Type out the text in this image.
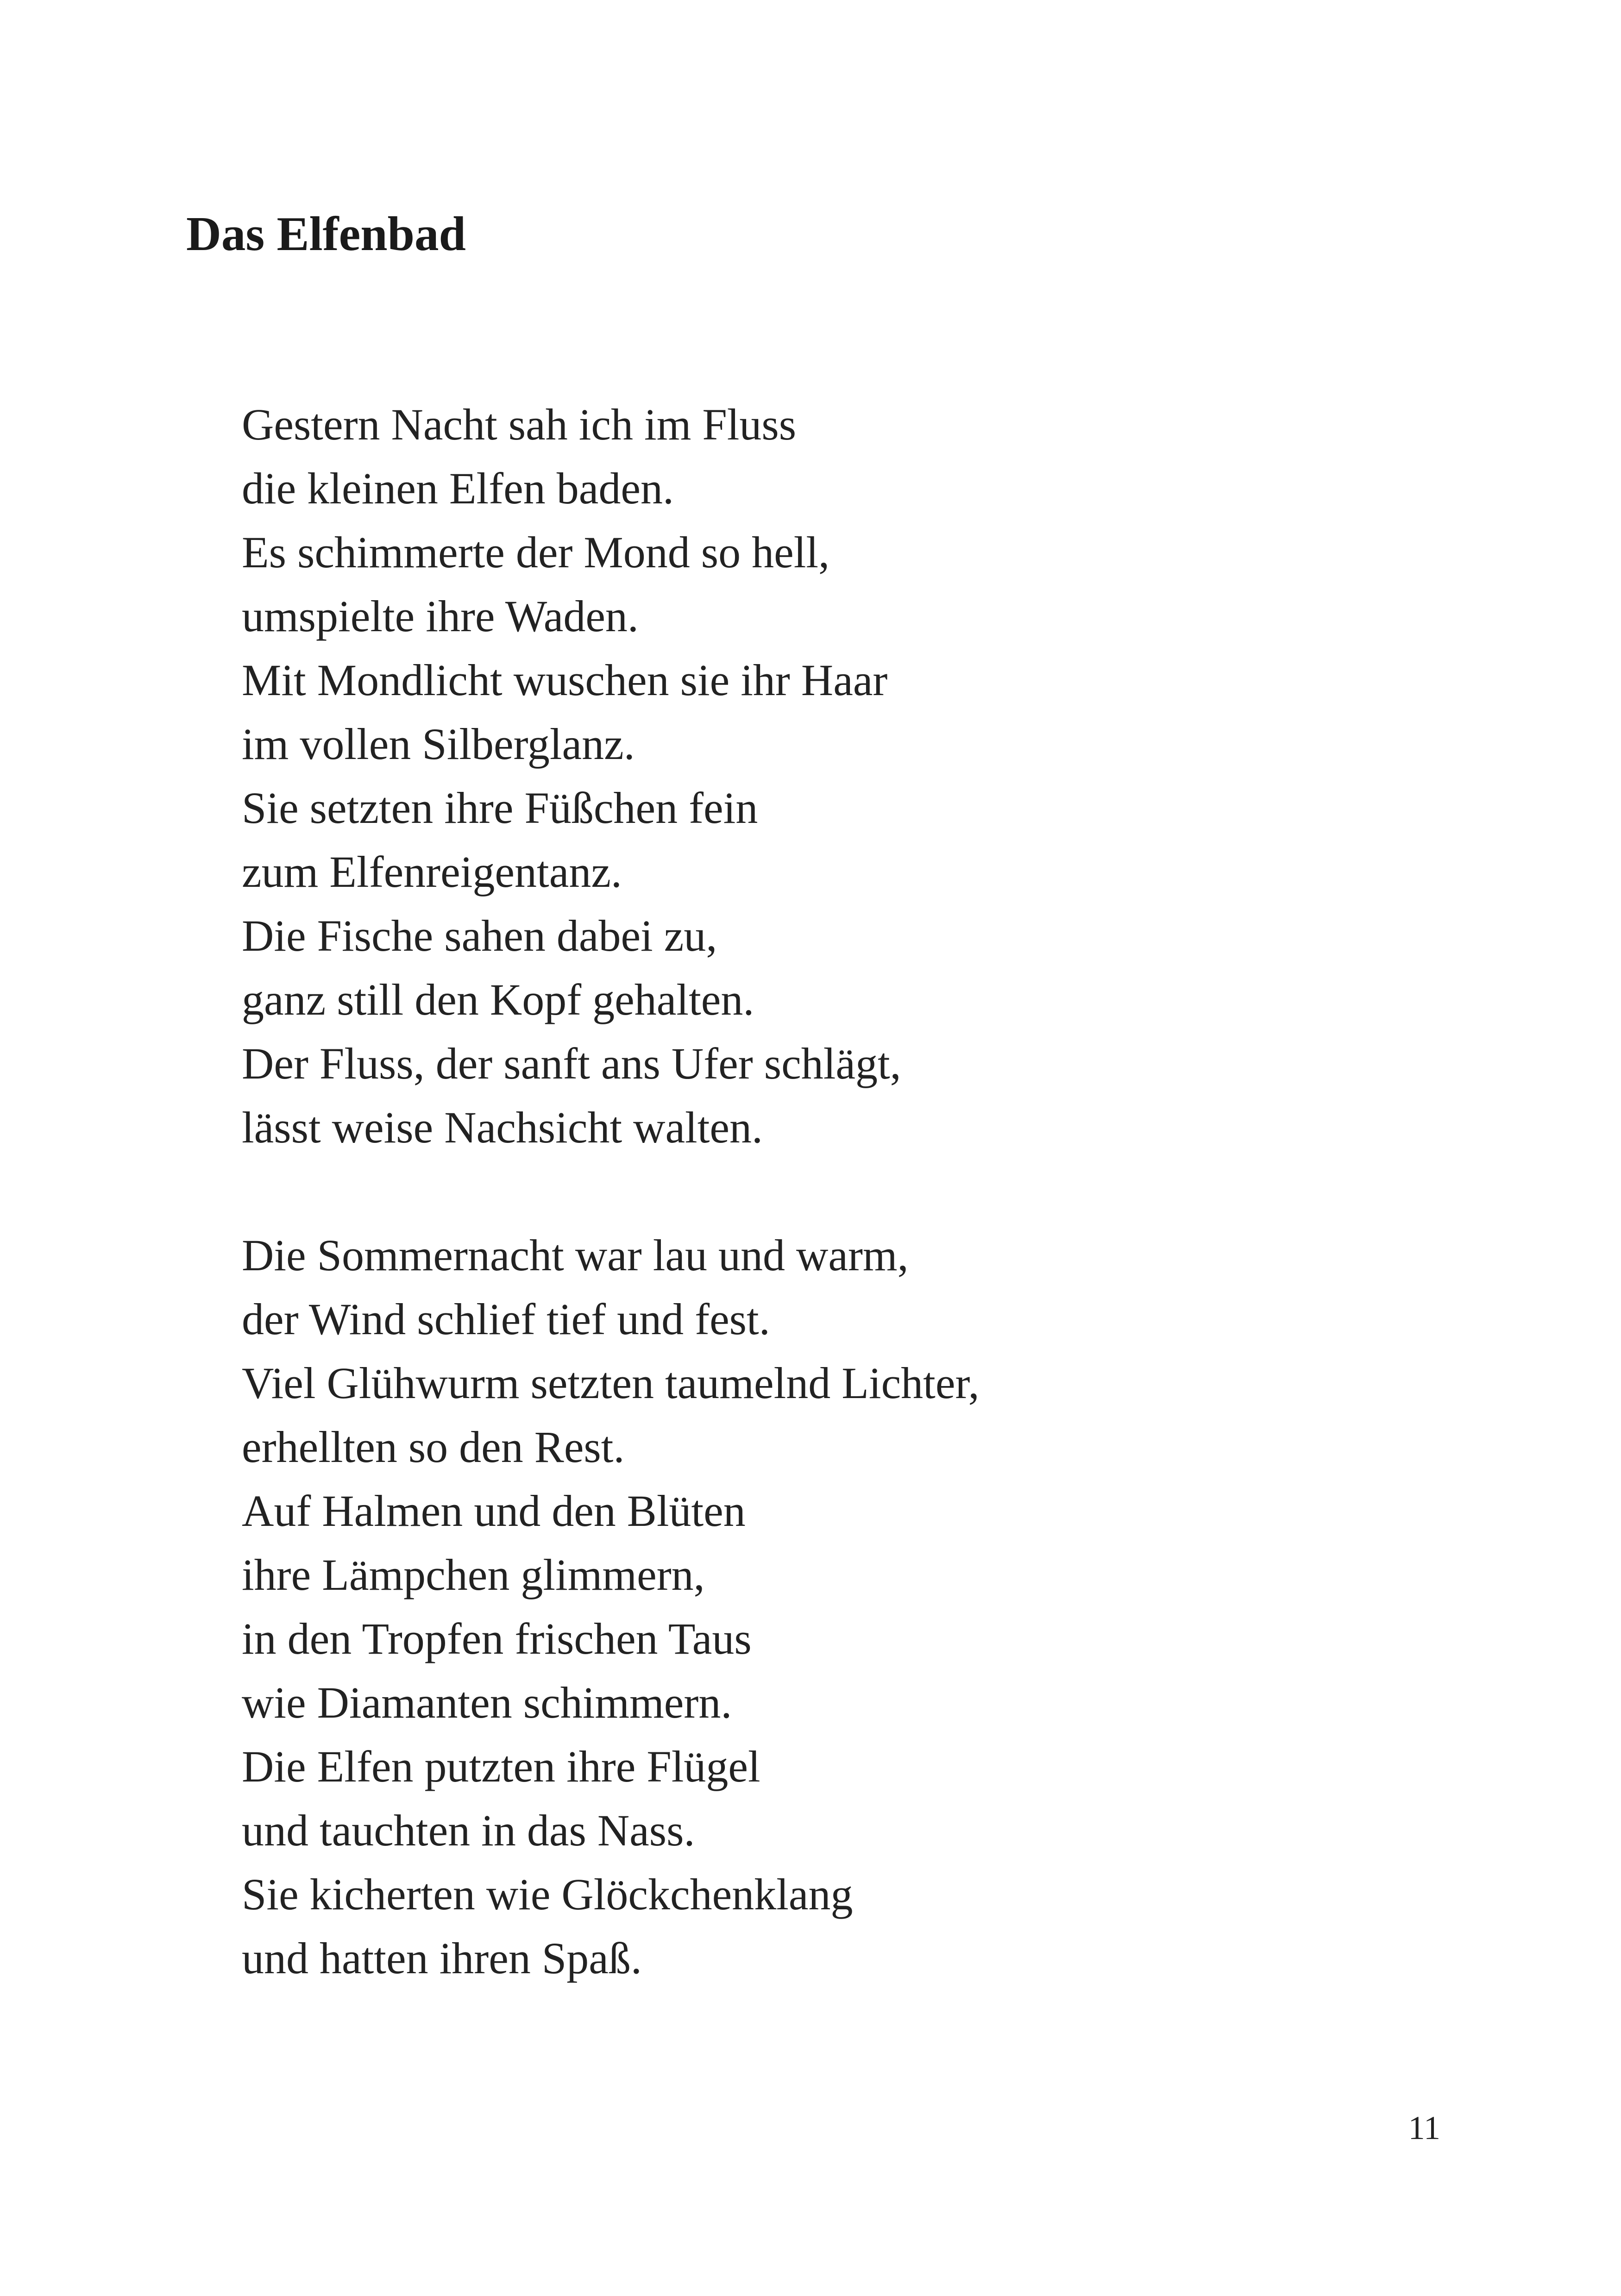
Das Elfenbad

Gestern Nacht sah ich im Fluss
die kleinen Elfen baden.
Es schimmerte der Mond so hell,
umspielte ihre Waden.
Mit Mondlicht wuschen sie ihr Haar
im vollen Silberglanz.
Sie setzten ihre Füßchen fein
zum Elfenreigentanz.
Die Fische sahen dabei zu,
ganz still den Kopf gehalten.
Der Fluss, der sanft ans Ufer schlägt,
lässt weise Nachsicht walten.

Die Sommernacht war lau und warm,
der Wind schlief tief und fest.
Viel Glühwurm setzten taumelnd Lichter,
erhellten so den Rest.
Auf Halmen und den Blüten
ihre Lämpchen glimmern,
in den Tropfen frischen Taus
wie Diamanten schimmern.
Die Elfen putzten ihre Flügel
und tauchten in das Nass.
Sie kicherten wie Glöckchenklang
und hatten ihren Spaß.

11
